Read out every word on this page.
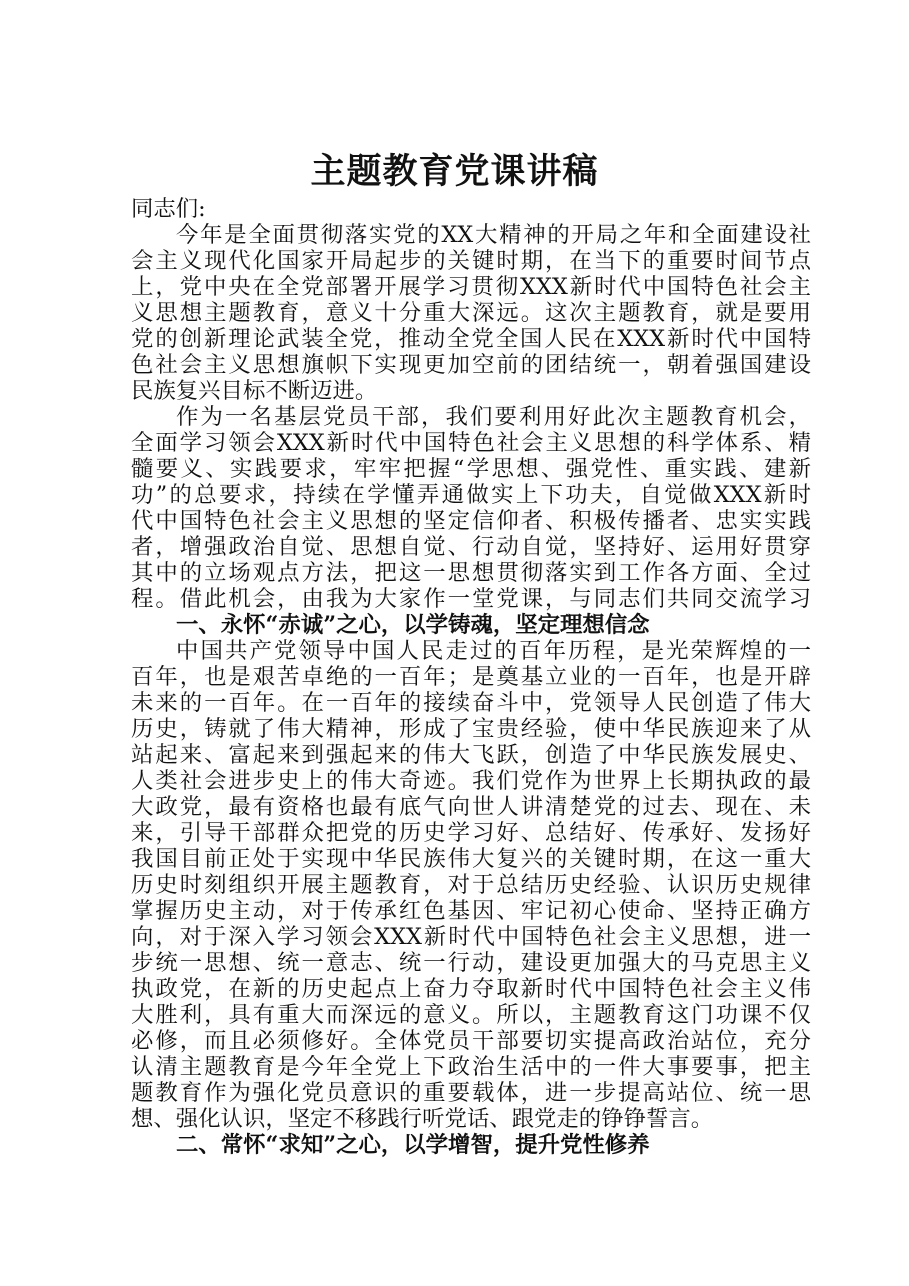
主题教育党课讲稿
同志们:
今年是全面贯彻落实党的XX大精神的开局之年和全面建设社
会主义现代化国家开局起步的关键时期，在当下的重要时间节点
上，党中央在全党部署开展学习贯彻XXX新时代中国特色社会主
义思想主题教育，意义十分重大深远。这次主题教育，就是要用
党的创新理论武装全党，推动全党全国人民在XXX新时代中国特
色社会主义思想旗帜下实现更加空前的团结统一，朝着强国建设
民族复兴目标不断迈进。
作为一名基层党员干部，我们要利用好此次主题教育机会，
全面学习领会XXX新时代中国特色社会主义思想的科学体系、精
髓要义、实践要求，牢牢把握“学思想、强党性、重实践、建新
功”的总要求，持续在学懂弄通做实上下功夫，自觉做XXX新时
代中国特色社会主义思想的坚定信仰者、积极传播者、忠实实践
者，增强政治自觉、思想自觉、行动自觉，坚持好、运用好贯穿
其中的立场观点方法，把这一思想贯彻落实到工作各方面、全过
程。借此机会，由我为大家作一堂党课，与同志们共同交流学习
一、永怀“赤诚”之心，以学铸魂，坚定理想信念
中国共产党领导中国人民走过的百年历程，是光荣辉煌的一
百年，也是艰苦卓绝的一百年；是奠基立业的一百年，也是开辟
未来的一百年。在一百年的接续奋斗中，党领导人民创造了伟大
历史，铸就了伟大精神，形成了宝贵经验，使中华民族迎来了从
站起来、富起来到强起来的伟大飞跃，创造了中华民族发展史、
人类社会进步史上的伟大奇迹。我们党作为世界上长期执政的最
大政党，最有资格也最有底气向世人讲清楚党的过去、现在、未
来，引导干部群众把党的历史学习好、总结好、传承好、发扬好
我国目前正处于实现中华民族伟大复兴的关键时期，在这一重大
历史时刻组织开展主题教育，对于总结历史经验、认识历史规律
掌握历史主动，对于传承红色基因、牢记初心使命、坚持正确方
向，对于深入学习领会XXX新时代中国特色社会主义思想，进一
步统一思想、统一意志、统一行动，建设更加强大的马克思主义
执政党，在新的历史起点上奋力夺取新时代中国特色社会主义伟
大胜利，具有重大而深远的意义。所以，主题教育这门功课不仅
必修，而且必须修好。全体党员干部要切实提高政治站位，充分
认清主题教育是今年全党上下政治生活中的一件大事要事，把主
题教育作为强化党员意识的重要载体，进一步提高站位、统一思
想、强化认识，坚定不移践行听党话、跟党走的铮铮誓言。
二、常怀“求知”之心，以学增智，提升党性修养
